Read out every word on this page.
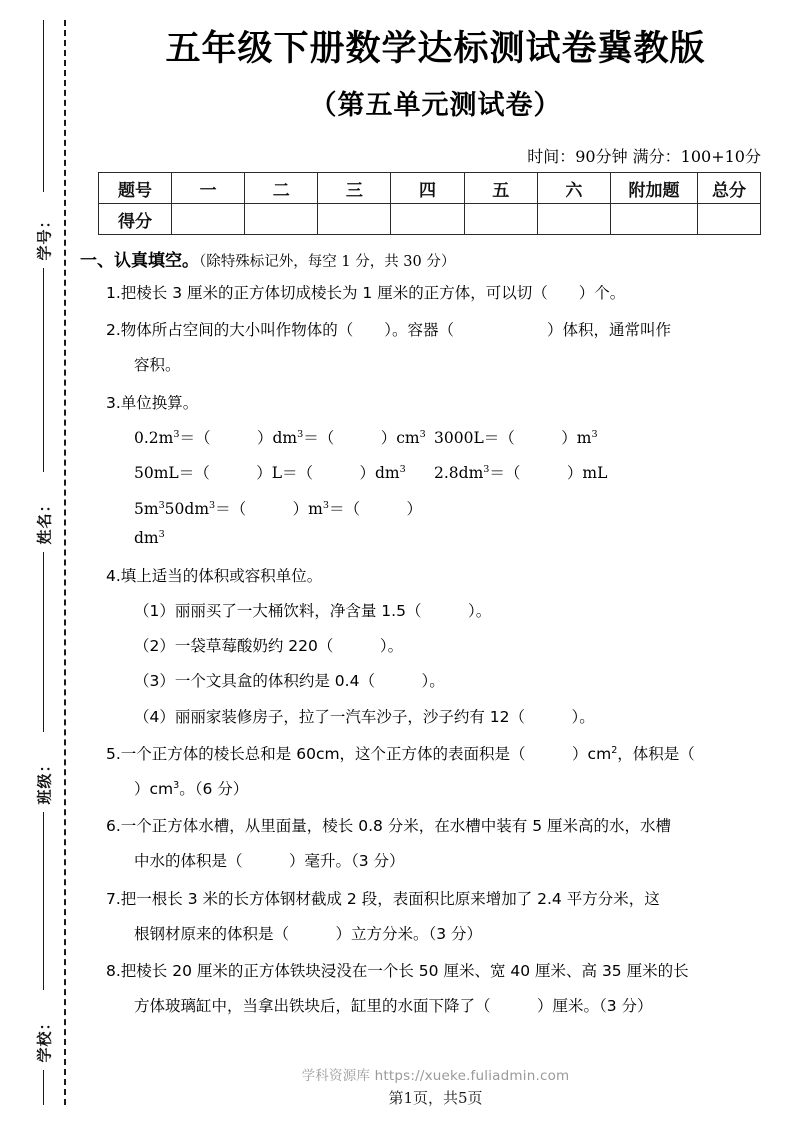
学号：
姓名：
班级：
学校：
五年级下册数学达标测试卷冀教版
（第五单元测试卷）
时间：90分钟 满分：100+10分
题号	一	二	三	四	五	六	附加题	总分
得分								
一、认真填空。（除特殊标记外，每空 1 分，共 30 分）
1.把棱长 3 厘米的正方体切成棱长为 1 厘米的正方体，可以切（　　）个。
2.物体所占空间的大小叫作物体的（　　）。容器（　　　　　　）体积，通常叫作
容积。
3.单位换算。
$0.2m^3=$（　　　）$dm^3=$（　　　）$cm^3$ 3000L＝（　　　）$m^3$
50mL＝（　　　）L＝（　　　）$dm^3$	$2.8dm^3=$（　　　）mL
$5m^350dm^3=$（　　　）$m^3=$（　　　）$dm^3$
4.填上适当的体积或容积单位。
（1）丽丽买了一大桶饮料，净含量 1.5（　　　）。
（2）一袋草莓酸奶约 220（　　　）。
（3）一个文具盒的体积约是 0.4（　　　）。
（4）丽丽家装修房子，拉了一汽车沙子，沙子约有 12（　　　）。
5.一个正方体的棱长总和是 60cm，这个正方体的表面积是（　　　）$cm^2$，体积是（
）$cm^3$。（6 分）
6.一个正方体水槽，从里面量，棱长 0.8 分米，在水槽中装有 5 厘米高的水，水槽
中水的体积是（　　　）毫升。（3 分）
7.把一根长 3 米的长方体钢材截成 2 段，表面积比原来增加了 2.4 平方分米，这
根钢材原来的体积是（　　　）立方分米。（3 分）
8.把棱长 20 厘米的正方体铁块浸没在一个长 50 厘米、宽 40 厘米、高 35 厘米的长
方体玻璃缸中，当拿出铁块后，缸里的水面下降了（　　　）厘米。（3 分）
学科资源库 https://xueke.fuliadmin.com
第1页，共5页
